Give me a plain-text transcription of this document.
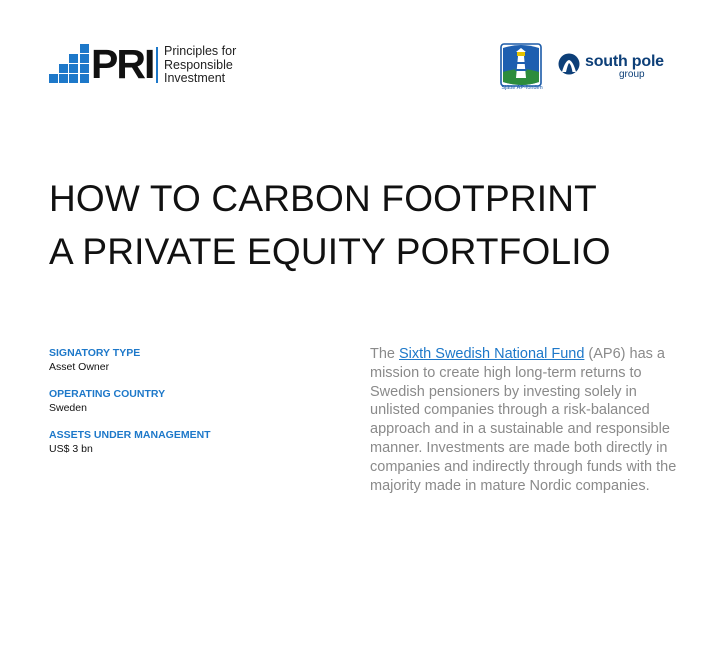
PRI Principles for
Responsible
Investment
Sjätte AP-fonden
south pole
group
HOW TO CARBON FOOTPRINT
A PRIVATE EQUITY PORTFOLIO
SIGNATORY TYPE
Asset Owner
OPERATING COUNTRY
Sweden
ASSETS UNDER MANAGEMENT
US$ 3 bn

The Sixth Swedish National Fund (AP6) has a mission to create high long-term returns to Swedish pensioners by investing solely in unlisted companies through a risk-balanced approach and in a sustainable and responsible manner. Investments are made both directly in companies and indirectly through funds with the majority made in mature Nordic companies.
